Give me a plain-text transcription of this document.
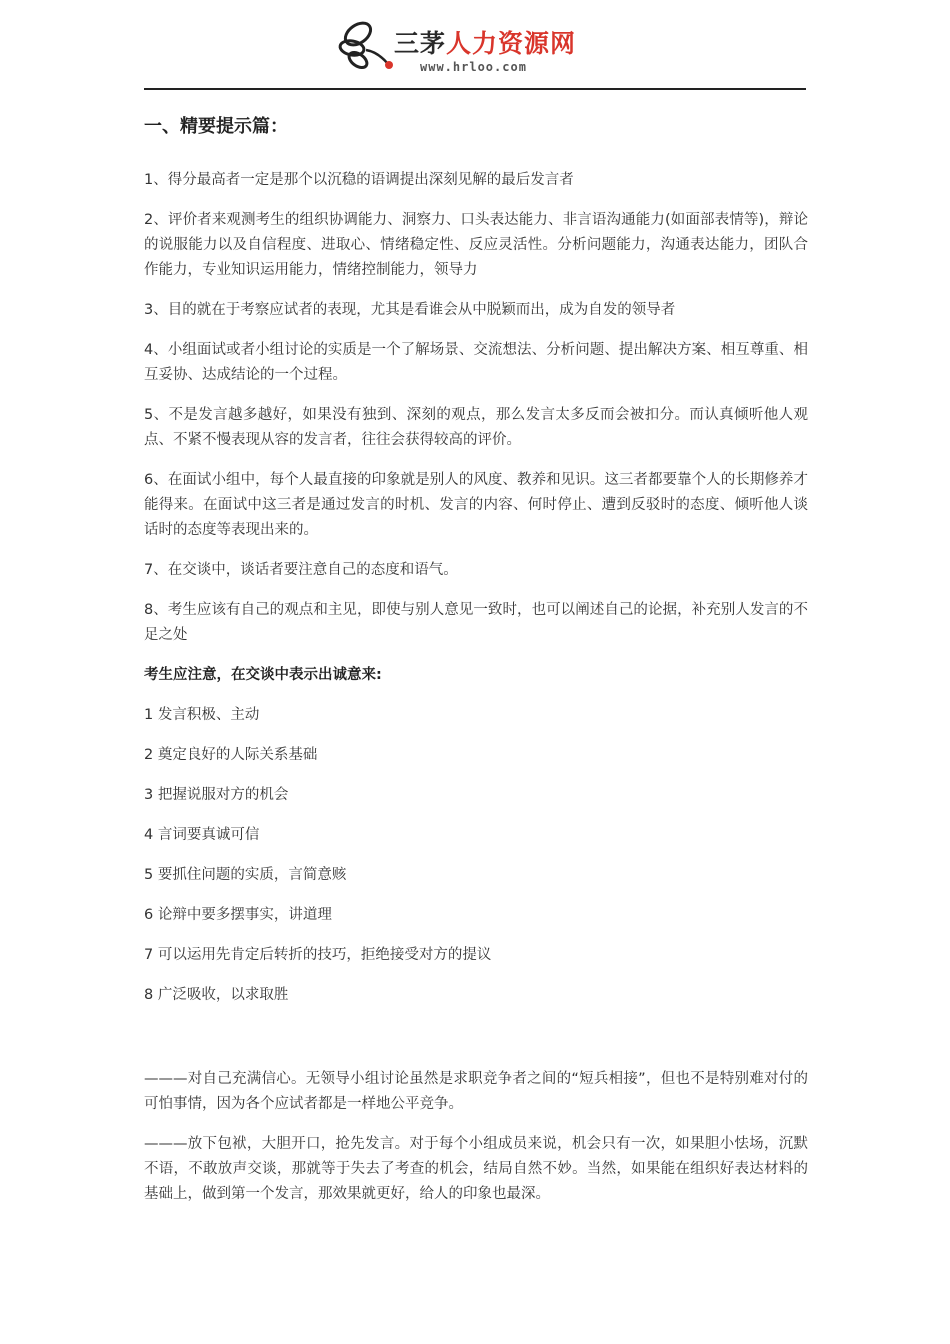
三茅人力资源网
www.hrloo.com
一、精要提示篇：
1、得分最高者一定是那个以沉稳的语调提出深刻见解的最后发言者
2、评价者来观测考生的组织协调能力、洞察力、口头表达能力、非言语沟通能力(如面部表情等)，辩论的说服能力以及自信程度、进取心、情绪稳定性、反应灵活性。分析问题能力，沟通表达能力，团队合作能力，专业知识运用能力，情绪控制能力，领导力
3、目的就在于考察应试者的表现，尤其是看谁会从中脱颖而出，成为自发的领导者
4、小组面试或者小组讨论的实质是一个了解场景、交流想法、分析问题、提出解决方案、相互尊重、相互妥协、达成结论的一个过程。
5、不是发言越多越好，如果没有独到、深刻的观点，那么发言太多反而会被扣分。而认真倾听他人观点、不紧不慢表现从容的发言者，往往会获得较高的评价。
6、在面试小组中，每个人最直接的印象就是别人的风度、教养和见识。这三者都要靠个人的长期修养才能得来。在面试中这三者是通过发言的时机、发言的内容、何时停止、遭到反驳时的态度、倾听他人谈话时的态度等表现出来的。
7、在交谈中，谈话者要注意自己的态度和语气。
8、考生应该有自己的观点和主见，即使与别人意见一致时，也可以阐述自己的论据，补充别人发言的不足之处
考生应注意，在交谈中表示出诚意来:
1 发言积极、主动
2 奠定良好的人际关系基础
3 把握说服对方的机会
4 言词要真诚可信
5 要抓住问题的实质，言简意赅
6 论辩中要多摆事实，讲道理
7 可以运用先肯定后转折的技巧，拒绝接受对方的提议
8 广泛吸收，以求取胜
———对自己充满信心。无领导小组讨论虽然是求职竞争者之间的“短兵相接”，但也不是特别难对付的可怕事情，因为各个应试者都是一样地公平竞争。
———放下包袱，大胆开口，抢先发言。对于每个小组成员来说，机会只有一次，如果胆小怯场，沉默不语，不敢放声交谈，那就等于失去了考查的机会，结局自然不妙。当然，如果能在组织好表达材料的基础上，做到第一个发言，那效果就更好，给人的印象也最深。
